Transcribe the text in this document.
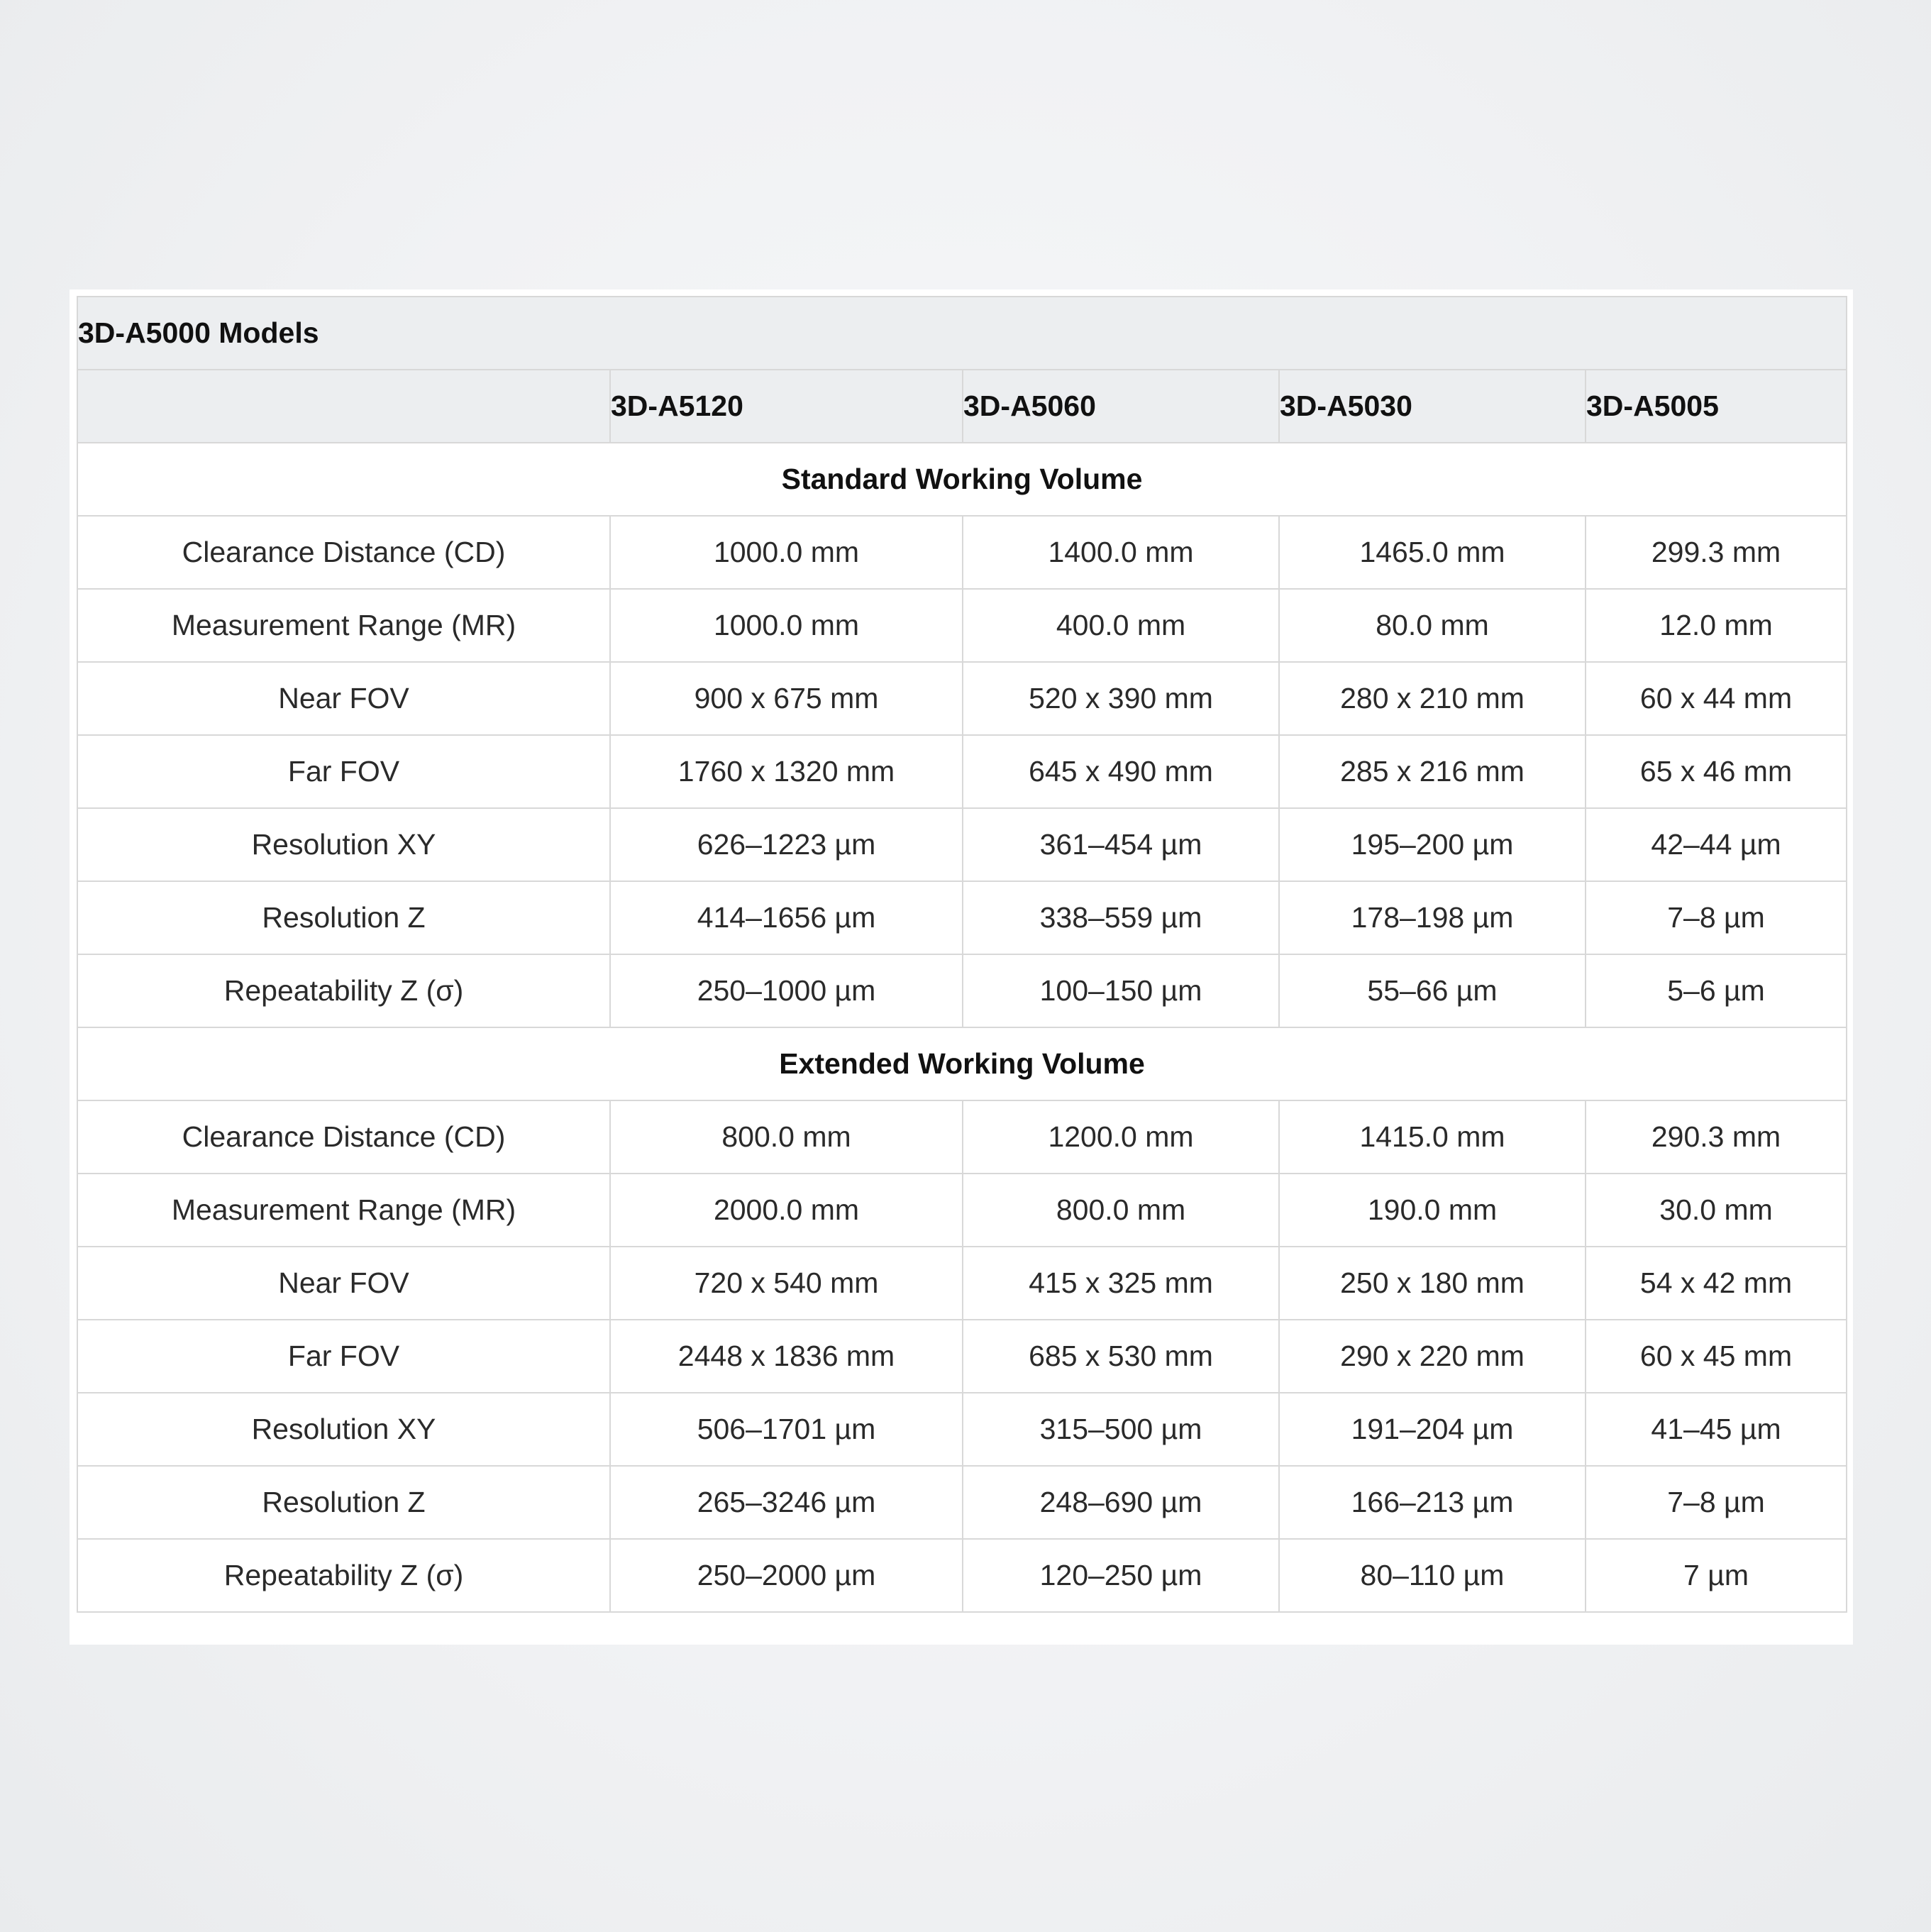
3D-A5000 Models				
	3D-A5120	3D-A5060	3D-A5030	3D-A5005
Standard Working Volume				
Clearance Distance (CD)	1000.0 mm	1400.0 mm	1465.0 mm	299.3 mm
Measurement Range (MR)	1000.0 mm	400.0 mm	80.0 mm	12.0 mm
Near FOV	900 x 675 mm	520 x 390 mm	280 x 210 mm	60 x 44 mm
Far FOV	1760 x 1320 mm	645 x 490 mm	285 x 216 mm	65 x 46 mm
Resolution XY	626–1223 µm	361–454 µm	195–200 µm	42–44 µm
Resolution Z	414–1656 µm	338–559 µm	178–198 µm	7–8 µm
Repeatability Z (σ)	250–1000 µm	100–150 µm	55–66 µm	5–6 µm
Extended Working Volume				
Clearance Distance (CD)	800.0 mm	1200.0 mm	1415.0 mm	290.3 mm
Measurement Range (MR)	2000.0 mm	800.0 mm	190.0 mm	30.0 mm
Near FOV	720 x 540 mm	415 x 325 mm	250 x 180 mm	54 x 42 mm
Far FOV	2448 x 1836 mm	685 x 530 mm	290 x 220 mm	60 x 45 mm
Resolution XY	506–1701 µm	315–500 µm	191–204 µm	41–45 µm
Resolution Z	265–3246 µm	248–690 µm	166–213 µm	7–8 µm
Repeatability Z (σ)	250–2000 µm	120–250 µm	80–110 µm	7 µm
